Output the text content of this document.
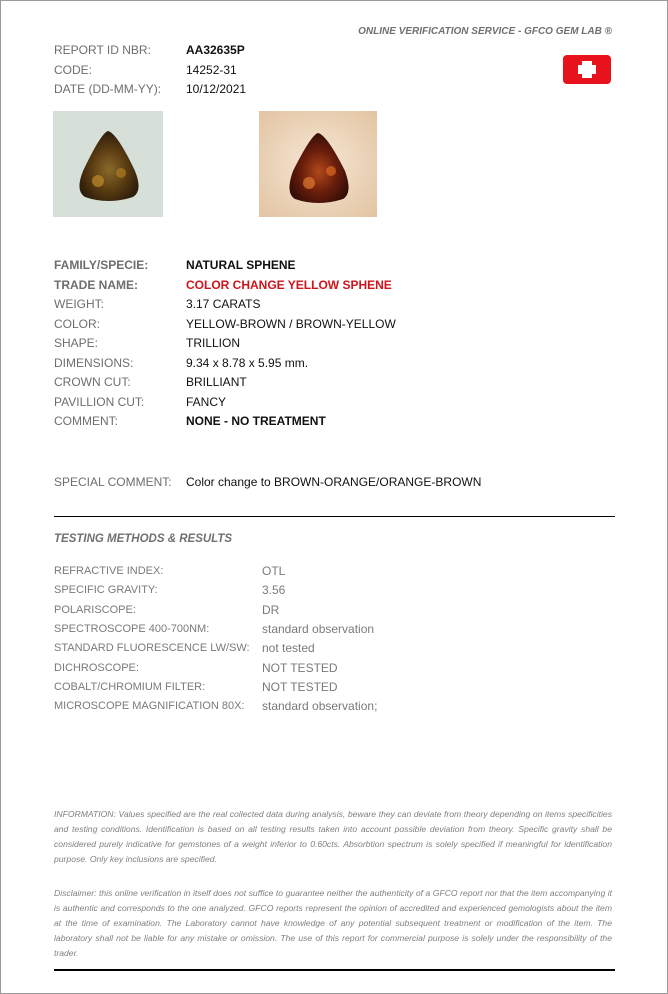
ONLINE VERIFICATION SERVICE - GFCO GEM LAB ®
REPORT ID NBR:	AA32635P
CODE:	14252-31
DATE (DD-MM-YY): 10/12/2021
FAMILY/SPECIE:	NATURAL SPHENE
TRADE NAME:	COLOR CHANGE YELLOW SPHENE
WEIGHT:	3.17 CARATS
COLOR:	YELLOW-BROWN / BROWN-YELLOW
SHAPE:	TRILLION
DIMENSIONS:	9.34 x 8.78 x 5.95 mm.
CROWN CUT:	BRILLIANT
PAVILLION CUT:	FANCY
COMMENT:	NONE - NO TREATMENT
SPECIAL COMMENT: Color change to BROWN-ORANGE/ORANGE-BROWN
TESTING METHODS & RESULTS
REFRACTIVE INDEX:	OTL
SPECIFIC GRAVITY:	3.56
POLARISCOPE:	DR
SPECTROSCOPE 400-700NM:	standard observation
STANDARD FLUORESCENCE LW/SW: not tested
DICHROSCOPE:	NOT TESTED
COBALT/CHROMIUM FILTER:	NOT TESTED
MICROSCOPE MAGNIFICATION 80X: standard observation;
INFORMATION: Values specified are the real collected data during analysis, beware they can deviate from theory depending on items specificities and testing conditions. Identification is based on all testing results taken into account possible deviation from theory. Specific gravity shall be considered purely indicative for gemstones of a weight inferior to 0.60cts. Absorbtion spectrum is solely specified if meaningful for identification purpose. Only key inclusions are specified.
Disclaimer: this online verification in itself does not suffice to guarantee neither the authenticity of a GFCO report nor that the item accompanying it is authentic and corresponds to the one analyzed. GFCO reports represent the opinion of accredited and experienced gemologists about the item at the time of examination. The Laboratory cannot have knowledge of any potential subsequent treatment or modification of the item. The laboratory shall not be liable for any mistake or omission. The use of this report for commercial purpose is solely under the responsibility of the trader.
